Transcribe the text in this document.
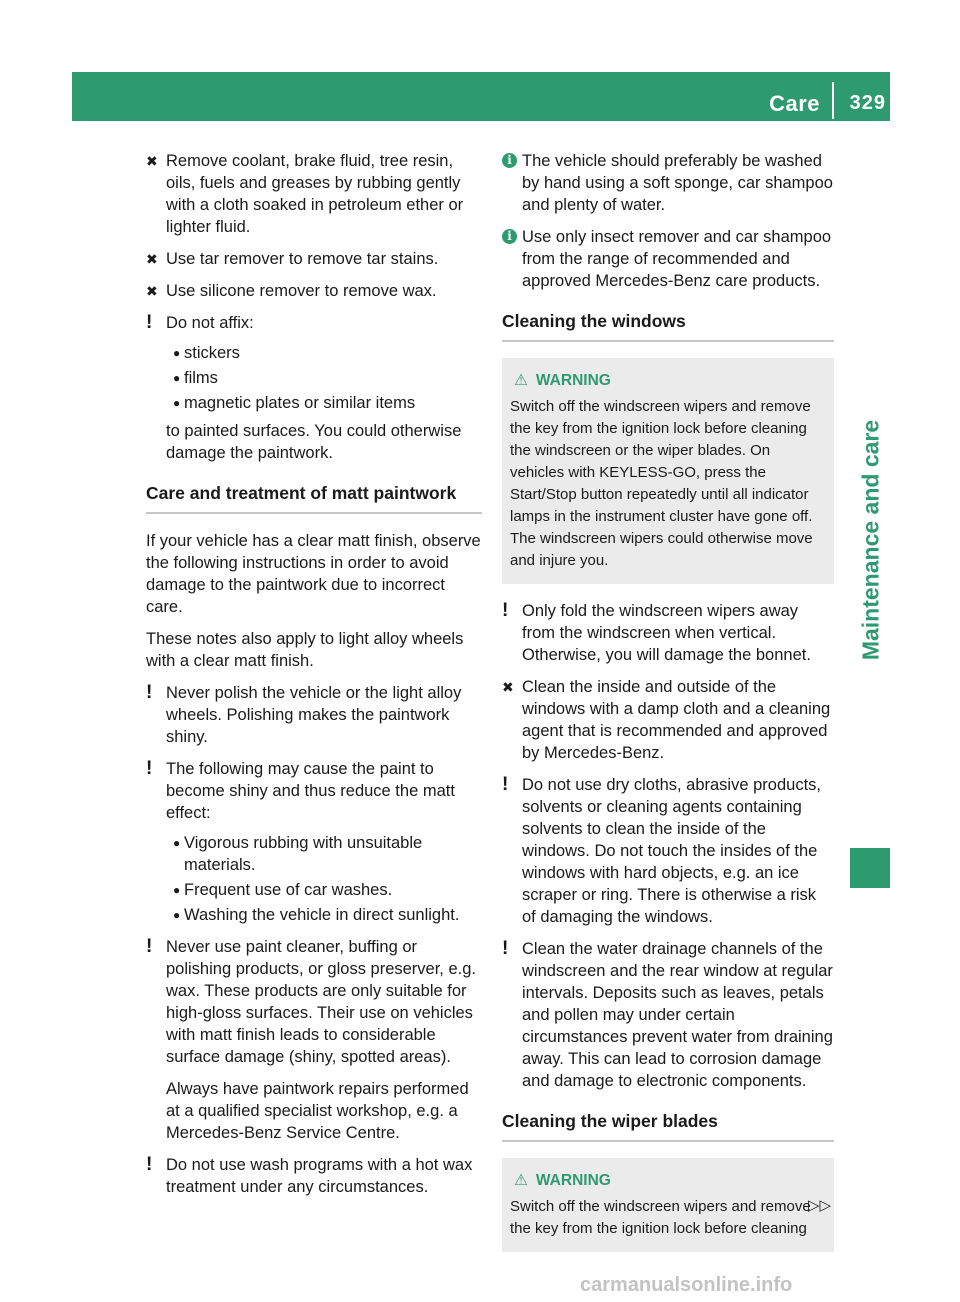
Care 329
Maintenance and care
✖ Remove coolant, brake fluid, tree resin, oils, fuels and greases by rubbing gently with a cloth soaked in petroleum ether or lighter fluid.

✖ Use tar remover to remove tar stains.

✖ Use silicone remover to remove wax.

! Do not affix:

● stickers
● films
● magnetic plates or similar items

to painted surfaces. You could otherwise damage the paintwork.

Care and treatment of matt paintwork

If your vehicle has a clear matt finish, observe the following instructions in order to avoid damage to the paintwork due to incorrect care.

These notes also apply to light alloy wheels with a clear matt finish.

! Never polish the vehicle or the light alloy wheels. Polishing makes the paintwork shiny.

! The following may cause the paint to become shiny and thus reduce the matt effect:

● Vigorous rubbing with unsuitable materials.
● Frequent use of car washes.
● Washing the vehicle in direct sunlight.
! Never use paint cleaner, buffing or polishing products, or gloss preserver, e.g. wax. These products are only suitable for high-gloss surfaces. Their use on vehicles with matt finish leads to considerable surface damage (shiny, spotted areas).

Always have paintwork repairs performed at a qualified specialist workshop, e.g. a Mercedes-Benz Service Centre.

! Do not use wash programs with a hot wax treatment under any circumstances.

i The vehicle should preferably be washed by hand using a soft sponge, car shampoo and plenty of water.

i Use only insect remover and car shampoo from the range of recommended and approved Mercedes-Benz care products.

Cleaning the windows
⚠ WARNING
Switch off the windscreen wipers and remove the key from the ignition lock before cleaning the windscreen or the wiper blades. On vehicles with KEYLESS-GO, press the Start/Stop button repeatedly until all indicator lamps in the instrument cluster have gone off. The windscreen wipers could otherwise move and injure you.
! Only fold the windscreen wipers away from the windscreen when vertical. Otherwise, you will damage the bonnet.

✖ Clean the inside and outside of the windows with a damp cloth and a cleaning agent that is recommended and approved by Mercedes-Benz.

! Do not use dry cloths, abrasive products, solvents or cleaning agents containing solvents to clean the inside of the windows. Do not touch the insides of the windows with hard objects, e.g. an ice scraper or ring. There is otherwise a risk of damaging the windows.

! Clean the water drainage channels of the windscreen and the rear window at regular intervals. Deposits such as leaves, petals and pollen may under certain circumstances prevent water from draining away. This can lead to corrosion damage and damage to electronic components.

Cleaning the wiper blades
⚠ WARNING
Switch off the windscreen wipers and remove the key from the ignition lock before cleaning
▷▷
carmanualsonline.info
